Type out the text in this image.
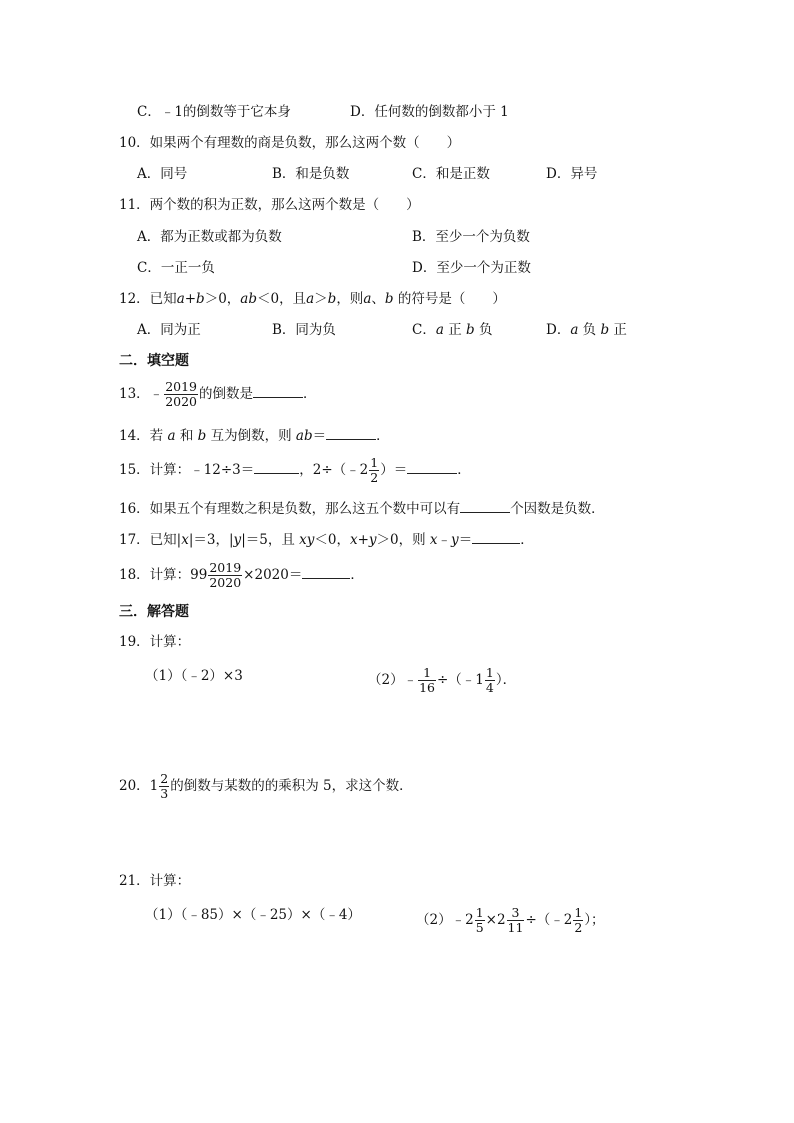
C．﹣1的倒数等于它本身	D．任何数的倒数都小于 1
10．如果两个有理数的商是负数，那么这两个数（　　）
A．同号	B．和是负数	C．和是正数	D．异号
11．两个数的积为正数，那么这两个数是（　　）
A．都为正数或都为负数	B．至少一个为负数
C．一正一负	D．至少一个为正数
12．已知a+b＞0，ab＜0，且a＞b，则a、b 的符号是（　　）
A．同为正	B．同为负	C．a 正 b 负	D．a 负 b 正
二．填空题
13．﹣ $\frac{2019}{2020}$ 的倒数是	．
14．若 a 和 b 互为倒数，则 ab＝	．
15．计算：﹣12÷3＝	，2÷（﹣2 $\frac{1}{2}$ ）＝	．
16．如果五个有理数之积是负数，那么这五个数中可以有	个因数是负数．
17．已知|x|＝3，|y|＝5，且 xy＜0，x+y＞0，则 x﹣y＝	．
18．计算：$99 \frac{2019}{2020} \times 2020=$	．
三．解答题
19．计算：
（1）（﹣2）×3	（2）﹣ $\frac{1}{16}$ ÷（﹣1 $\frac{1}{4}$ ）．
20．$1 \frac{2}{3}$ 的倒数与某数的的乘积为 5，求这个数．
21．计算：
（1）（﹣85）×（﹣25）×（﹣4）	（2）﹣2 $\frac{1}{5} \times 2 \frac{3}{11}$ ÷（﹣2 $\frac{1}{2}$ ）；
